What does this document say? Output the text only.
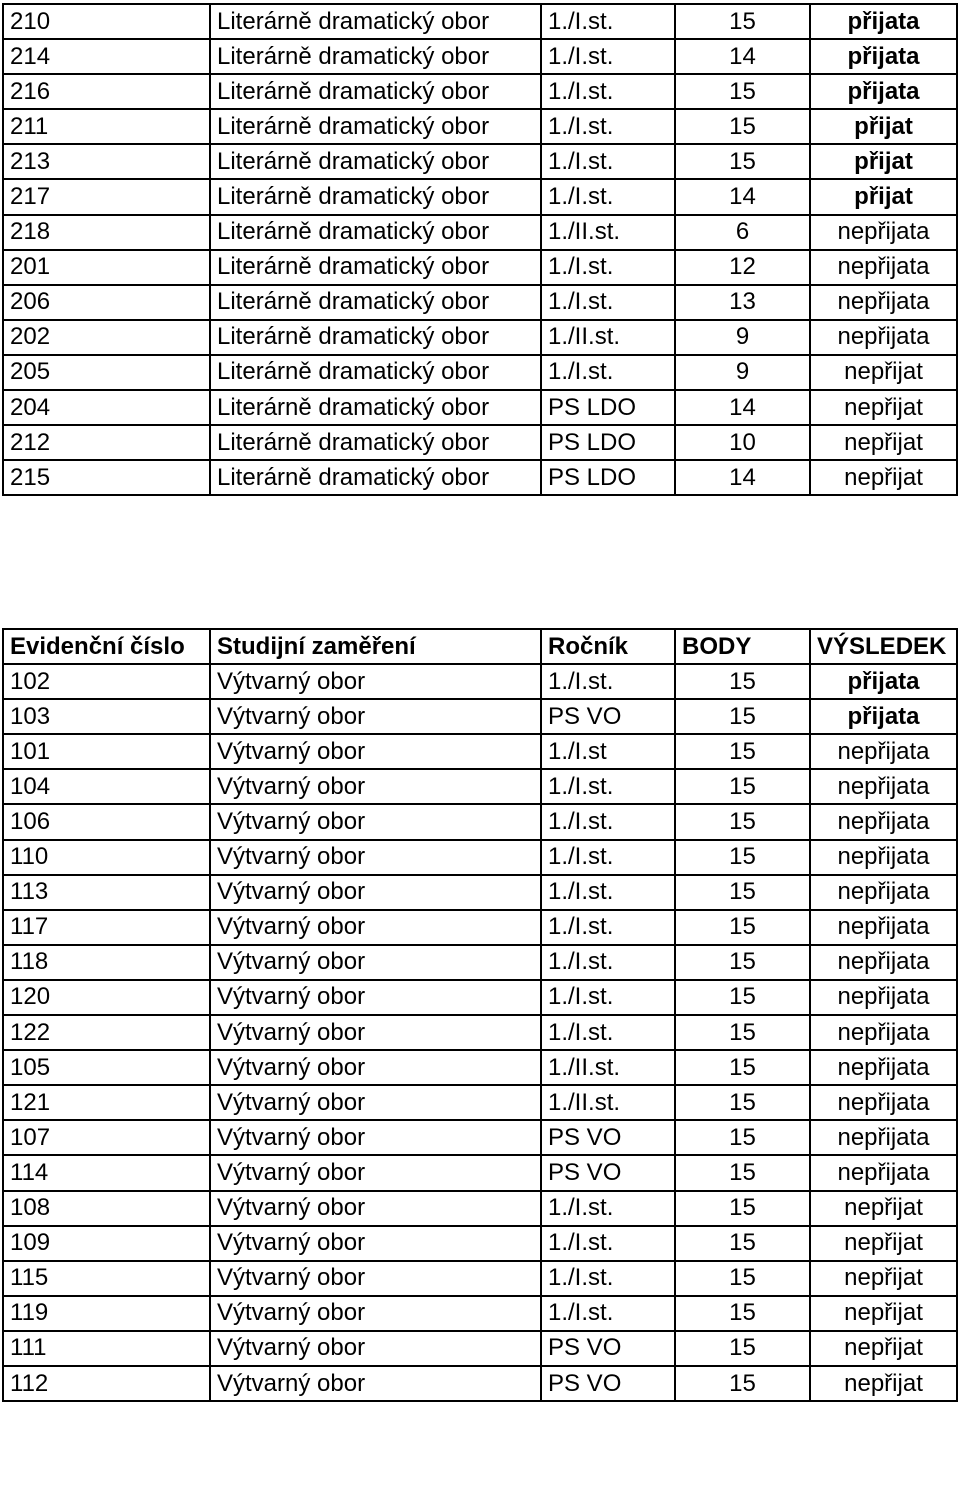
210	Literárně dramatický obor	1./I.st.	15	přijata
214	Literárně dramatický obor	1./I.st.	14	přijata
216	Literárně dramatický obor	1./I.st.	15	přijata
211	Literárně dramatický obor	1./I.st.	15	přijat
213	Literárně dramatický obor	1./I.st.	15	přijat
217	Literárně dramatický obor	1./I.st.	14	přijat
218	Literárně dramatický obor	1./II.st.	6	nepřijata
201	Literárně dramatický obor	1./I.st.	12	nepřijata
206	Literárně dramatický obor	1./I.st.	13	nepřijata
202	Literárně dramatický obor	1./II.st.	9	nepřijata
205	Literárně dramatický obor	1./I.st.	9	nepřijat
204	Literárně dramatický obor	PS LDO	14	nepřijat
212	Literárně dramatický obor	PS LDO	10	nepřijat
215	Literárně dramatický obor	PS LDO	14	nepřijat
Evidenční číslo	Studijní zaměření	Ročník	BODY	VÝSLEDEK
102	Výtvarný obor	1./I.st.	15	přijata
103	Výtvarný obor	PS VO	15	přijata
101	Výtvarný obor	1./I.st	15	nepřijata
104	Výtvarný obor	1./I.st.	15	nepřijata
106	Výtvarný obor	1./I.st.	15	nepřijata
110	Výtvarný obor	1./I.st.	15	nepřijata
113	Výtvarný obor	1./I.st.	15	nepřijata
117	Výtvarný obor	1./I.st.	15	nepřijata
118	Výtvarný obor	1./I.st.	15	nepřijata
120	Výtvarný obor	1./I.st.	15	nepřijata
122	Výtvarný obor	1./I.st.	15	nepřijata
105	Výtvarný obor	1./II.st.	15	nepřijata
121	Výtvarný obor	1./II.st.	15	nepřijata
107	Výtvarný obor	PS VO	15	nepřijata
114	Výtvarný obor	PS VO	15	nepřijata
108	Výtvarný obor	1./I.st.	15	nepřijat
109	Výtvarný obor	1./I.st.	15	nepřijat
115	Výtvarný obor	1./I.st.	15	nepřijat
119	Výtvarný obor	1./I.st.	15	nepřijat
111	Výtvarný obor	PS VO	15	nepřijat
112	Výtvarný obor	PS VO	15	nepřijat
